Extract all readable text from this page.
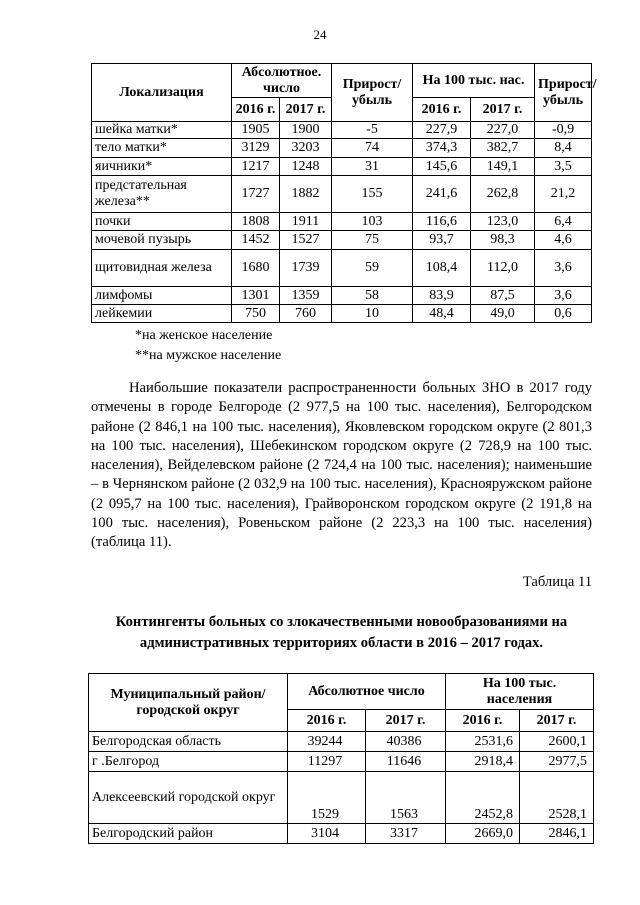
24
Локализация	Абсолютное. число		Прирост/ убыль	На 100 тыс. нас.		Прирост/ убыль
	2016 г.	2017 г.		2016 г.	2017 г.	
шейка матки*	1905	1900	-5	227,9	227,0	-0,9
тело матки*	3129	3203	74	374,3	382,7	8,4
яичники*	1217	1248	31	145,6	149,1	3,5
предстательная железа**	1727	1882	155	241,6	262,8	21,2
почки	1808	1911	103	116,6	123,0	6,4
мочевой пузырь	1452	1527	75	93,7	98,3	4,6
щитовидная железа	1680	1739	59	108,4	112,0	3,6
лимфомы	1301	1359	58	83,9	87,5	3,6
лейкемии	750	760	10	48,4	49,0	0,6
*на женское население
**на мужское население
Наибольшие показатели распространенности больных ЗНО в 2017 году отмечены в городе Белгороде (2 977,5 на 100 тыс. населения), Белгородском районе (2 846,1 на 100 тыс. населения), Яковлевском городском округе (2 801,3 на 100 тыс. населения), Шебекинском городском округе (2 728,9 на 100 тыс. населения), Вейделевском районе (2 724,4 на 100 тыс. населения); наименьшие – в Чернянском районе (2 032,9 на 100 тыс. населения), Краснояружском районе (2 095,7 на 100 тыс. населения), Грайворонском городском округе (2 191,8 на 100 тыс. населения), Ровеньском районе (2 223,3 на 100 тыс. населения) (таблица 11).
Таблица 11
Контингенты больных со злокачественными новообразованиями на административных территориях области в 2016 – 2017 годах.
Муниципальный район/ городской округ	Абсолютное число		На 100 тыс. населения	
	2016 г.	2017 г.	2016 г.	2017 г.
Белгородская область	39244	40386	2531,6	2600,1
г .Белгород	11297	11646	2918,4	2977,5
Алексеевский городской округ	1529	1563	2452,8	2528,1
Белгородский район	3104	3317	2669,0	2846,1
